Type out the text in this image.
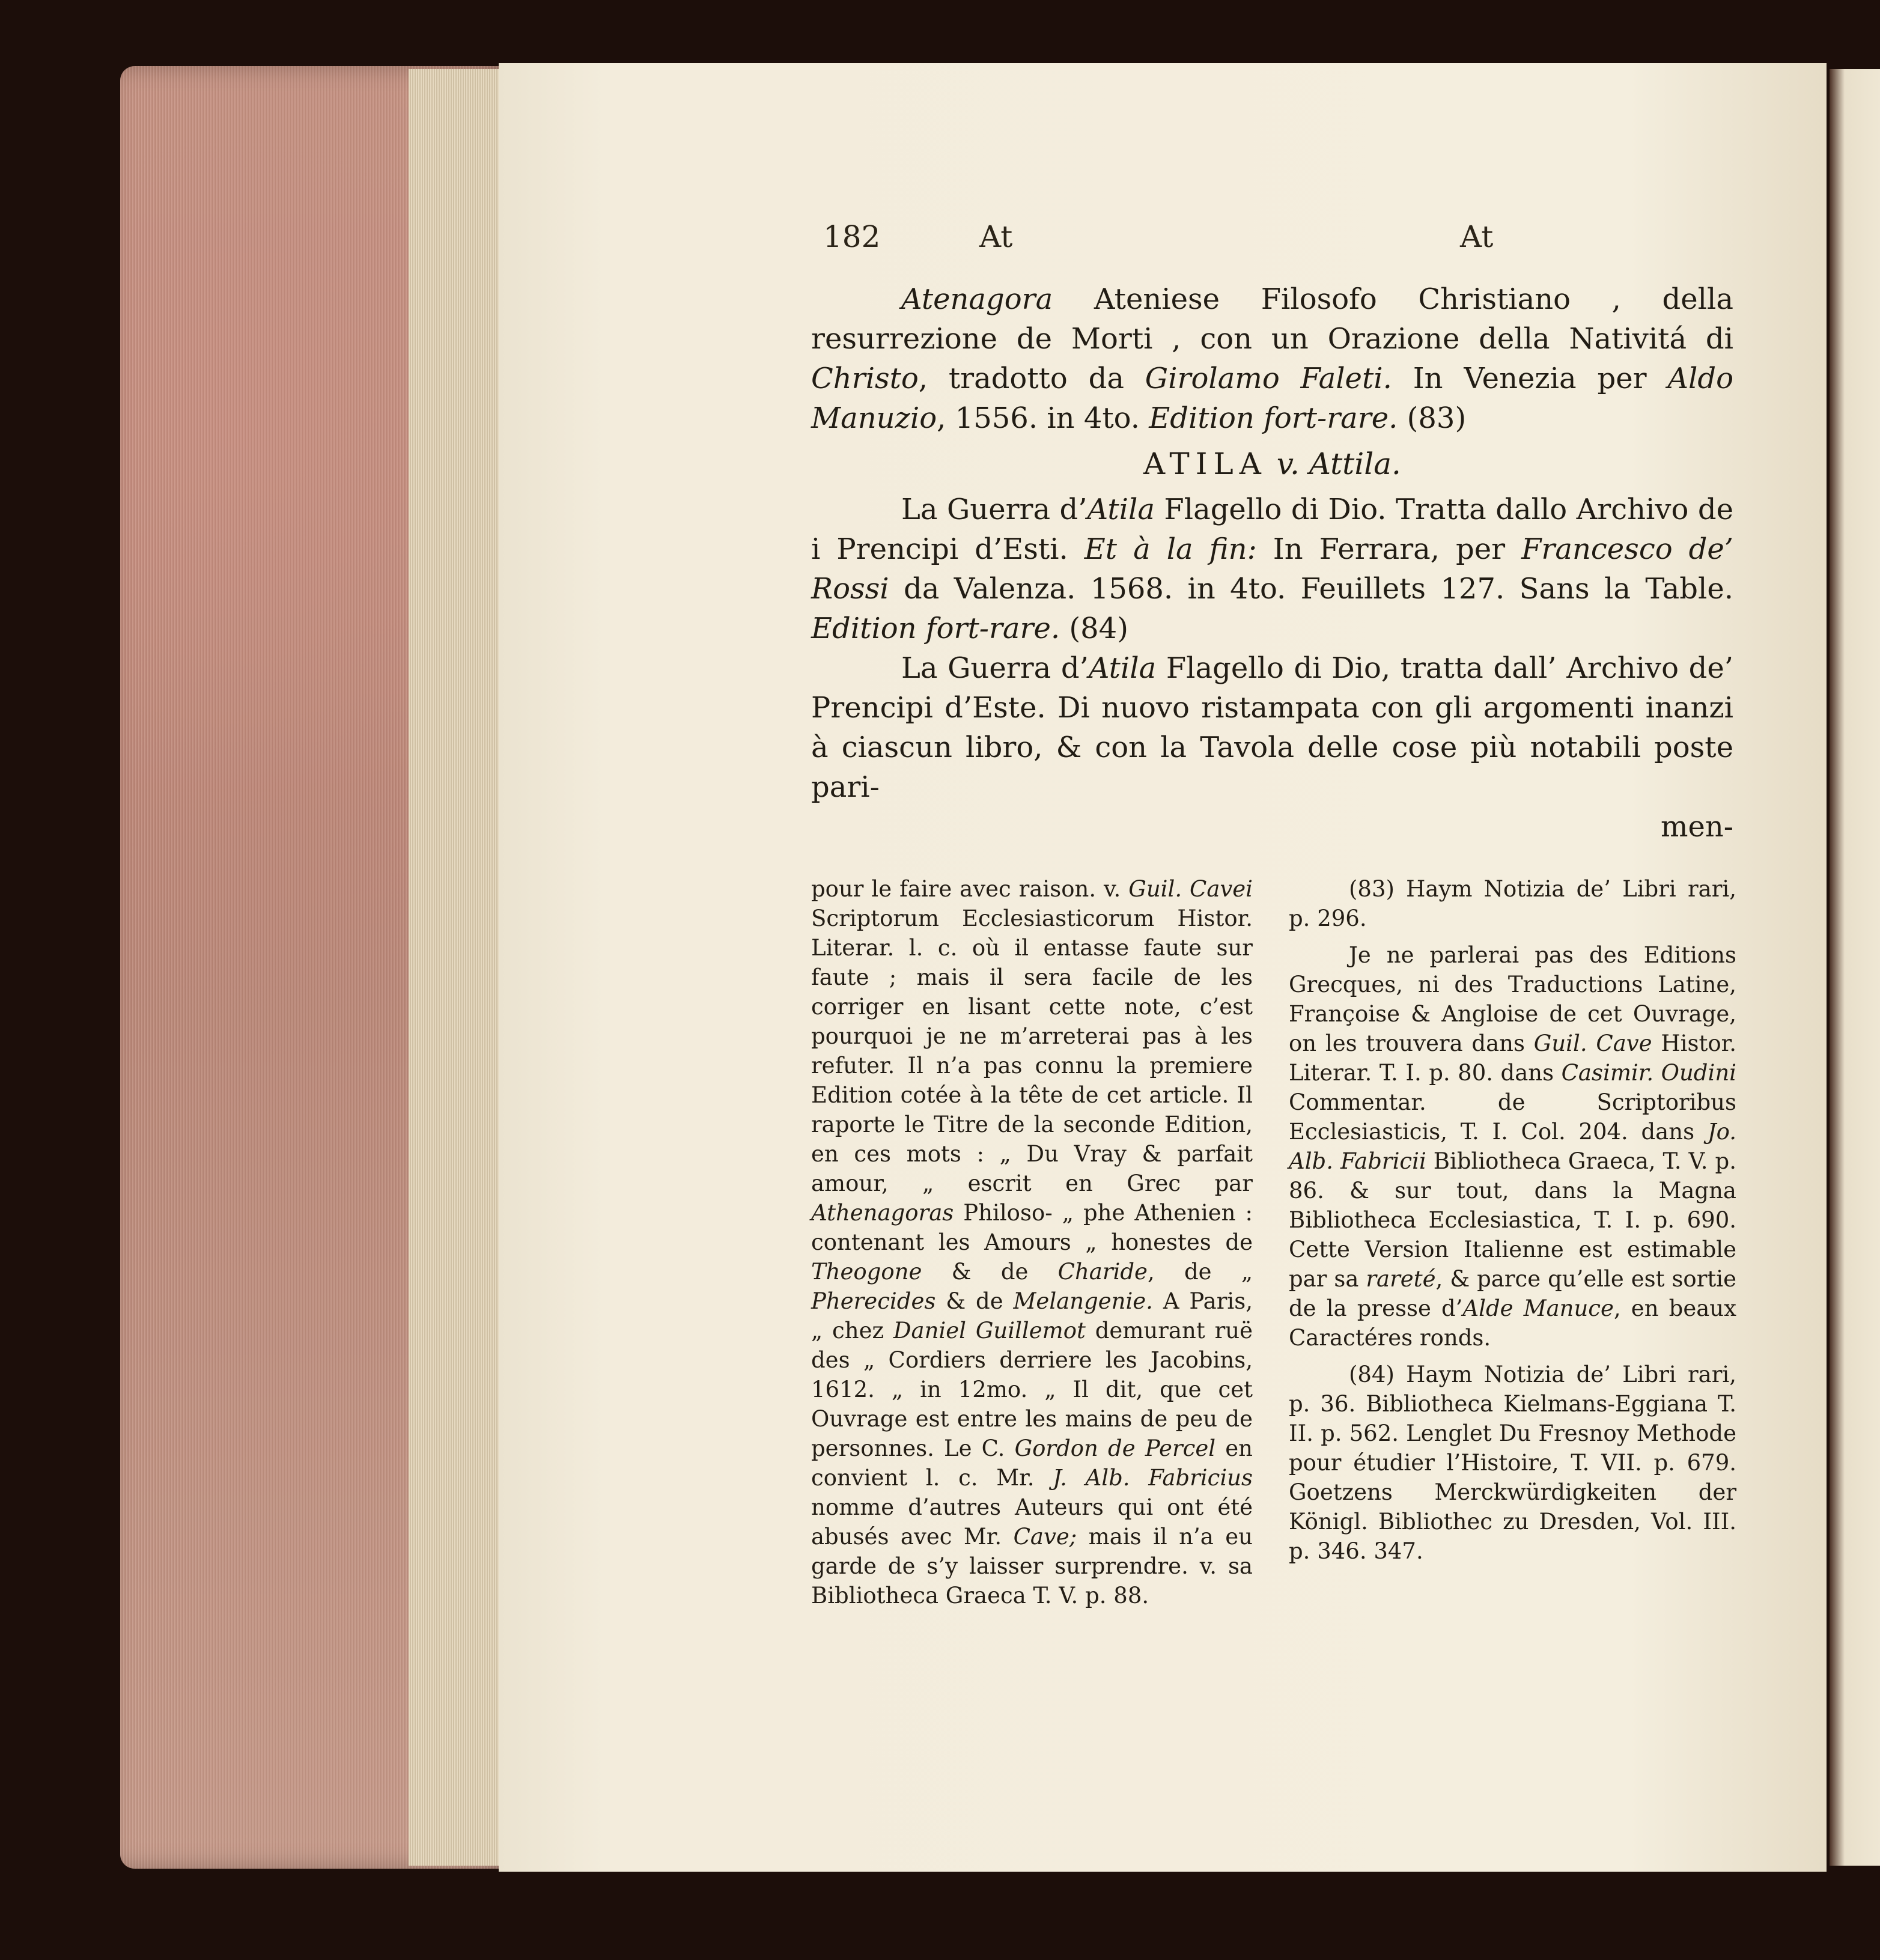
182	At	At

Atenagora Ateniese Filosofo Christiano , della resurrezione de Morti , con un Orazione della Nativitá di Christo, tradotto da Girolamo Faleti. In Venezia per Aldo Manuzio, 1556. in 4to. Edition fort-rare. (83)

ATILA v. Attila.

La Guerra d’Atila Flagello di Dio. Tratta dallo Archivo de i Prencipi d’Esti. Et à la fin: In Ferrara, per Francesco de’ Rossi da Valenza. 1568. in 4to. Feuillets 127. Sans la Table. Edition fort-rare. (84)

La Guerra d’Atila Flagello di Dio, tratta dall’ Archivo de’ Prencipi d’Este. Di nuovo ristampata con gli argomenti inanzi à ciascun libro, & con la Tavola delle cose più notabili poste pari-

men-

pour le faire avec raison. v. Guil. Cavei Scriptorum Ecclesiasticorum Histor. Literar. l. c. où il entasse faute sur faute ; mais il sera facile de les corriger en lisant cette note, c’est pourquoi je ne m’arreterai pas à les refuter. Il n’a pas connu la premiere Edition cotée à la tête de cet article. Il raporte le Titre de la seconde Edition, en ces mots : „ Du Vray & parfait amour, „ escrit en Grec par Athenagoras Philoso- „ phe Athenien : contenant les Amours „ honestes de Theogone & de Charide, de „ Pherecides & de Melangenie. A Paris, „ chez Daniel Guillemot demurant ruë des „ Cordiers derriere les Jacobins, 1612. „ in 12mo. „ Il dit, que cet Ouvrage est entre les mains de peu de personnes. Le C. Gordon de Percel en convient l. c. Mr. J. Alb. Fabricius nomme d’autres Auteurs qui ont été abusés avec Mr. Cave; mais il n’a eu garde de s’y laisser surprendre. v. sa Bibliotheca Graeca T. V. p. 88.

(83) Haym Notizia de’ Libri rari, p. 296.

Je ne parlerai pas des Editions Grecques, ni des Traductions Latine, Françoise & Angloise de cet Ouvrage, on les trouvera dans Guil. Cave Histor. Literar. T. I. p. 80. dans Casimir. Oudini Commentar. de Scriptoribus Ecclesiasticis, T. I. Col. 204. dans Jo. Alb. Fabricii Bibliotheca Graeca, T. V. p. 86. & sur tout, dans la Magna Bibliotheca Ecclesiastica, T. I. p. 690. Cette Version Italienne est estimable par sa rareté, & parce qu’elle est sortie de la presse d’Alde Manuce, en beaux Caractéres ronds.

(84) Haym Notizia de’ Libri rari, p. 36. Bibliotheca Kielmans-Eggiana T. II. p. 562. Lenglet Du Fresnoy Methode pour étudier l’Histoire, T. VII. p. 679. Goetzens Merckwürdigkeiten der Königl. Bibliothec zu Dresden, Vol. III. p. 346. 347.
